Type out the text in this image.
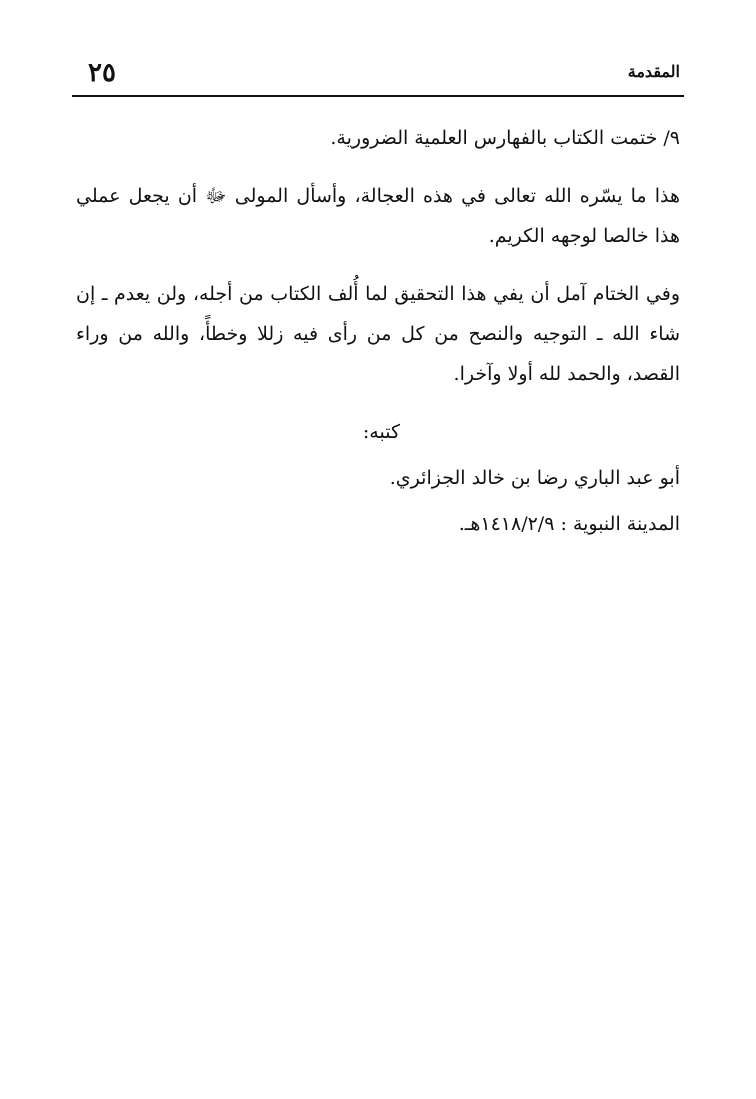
المقدمة
٢٥

٩/ ختمت الكتاب بالفهارس العلمية الضرورية.

هذا ما يسّره الله تعالى في هذه العجالة، وأسأل المولى ﷻ أن يجعل عملي هذا خالصا لوجهه الكريم.

وفي الختام آمل أن يفي هذا التحقيق لما أُلف الكتاب من أجله، ولن يعدم ـ إن شاء الله ـ التوجيه والنصح من كل من رأى فيه زللا وخطأً، والله من وراء القصد، والحمد لله أولا وآخرا.

كتبه:

أبو عبد الباري رضا بن خالد الجزائري.

المدينة النبوية : ١٤١٨/٢/٩هـ.
